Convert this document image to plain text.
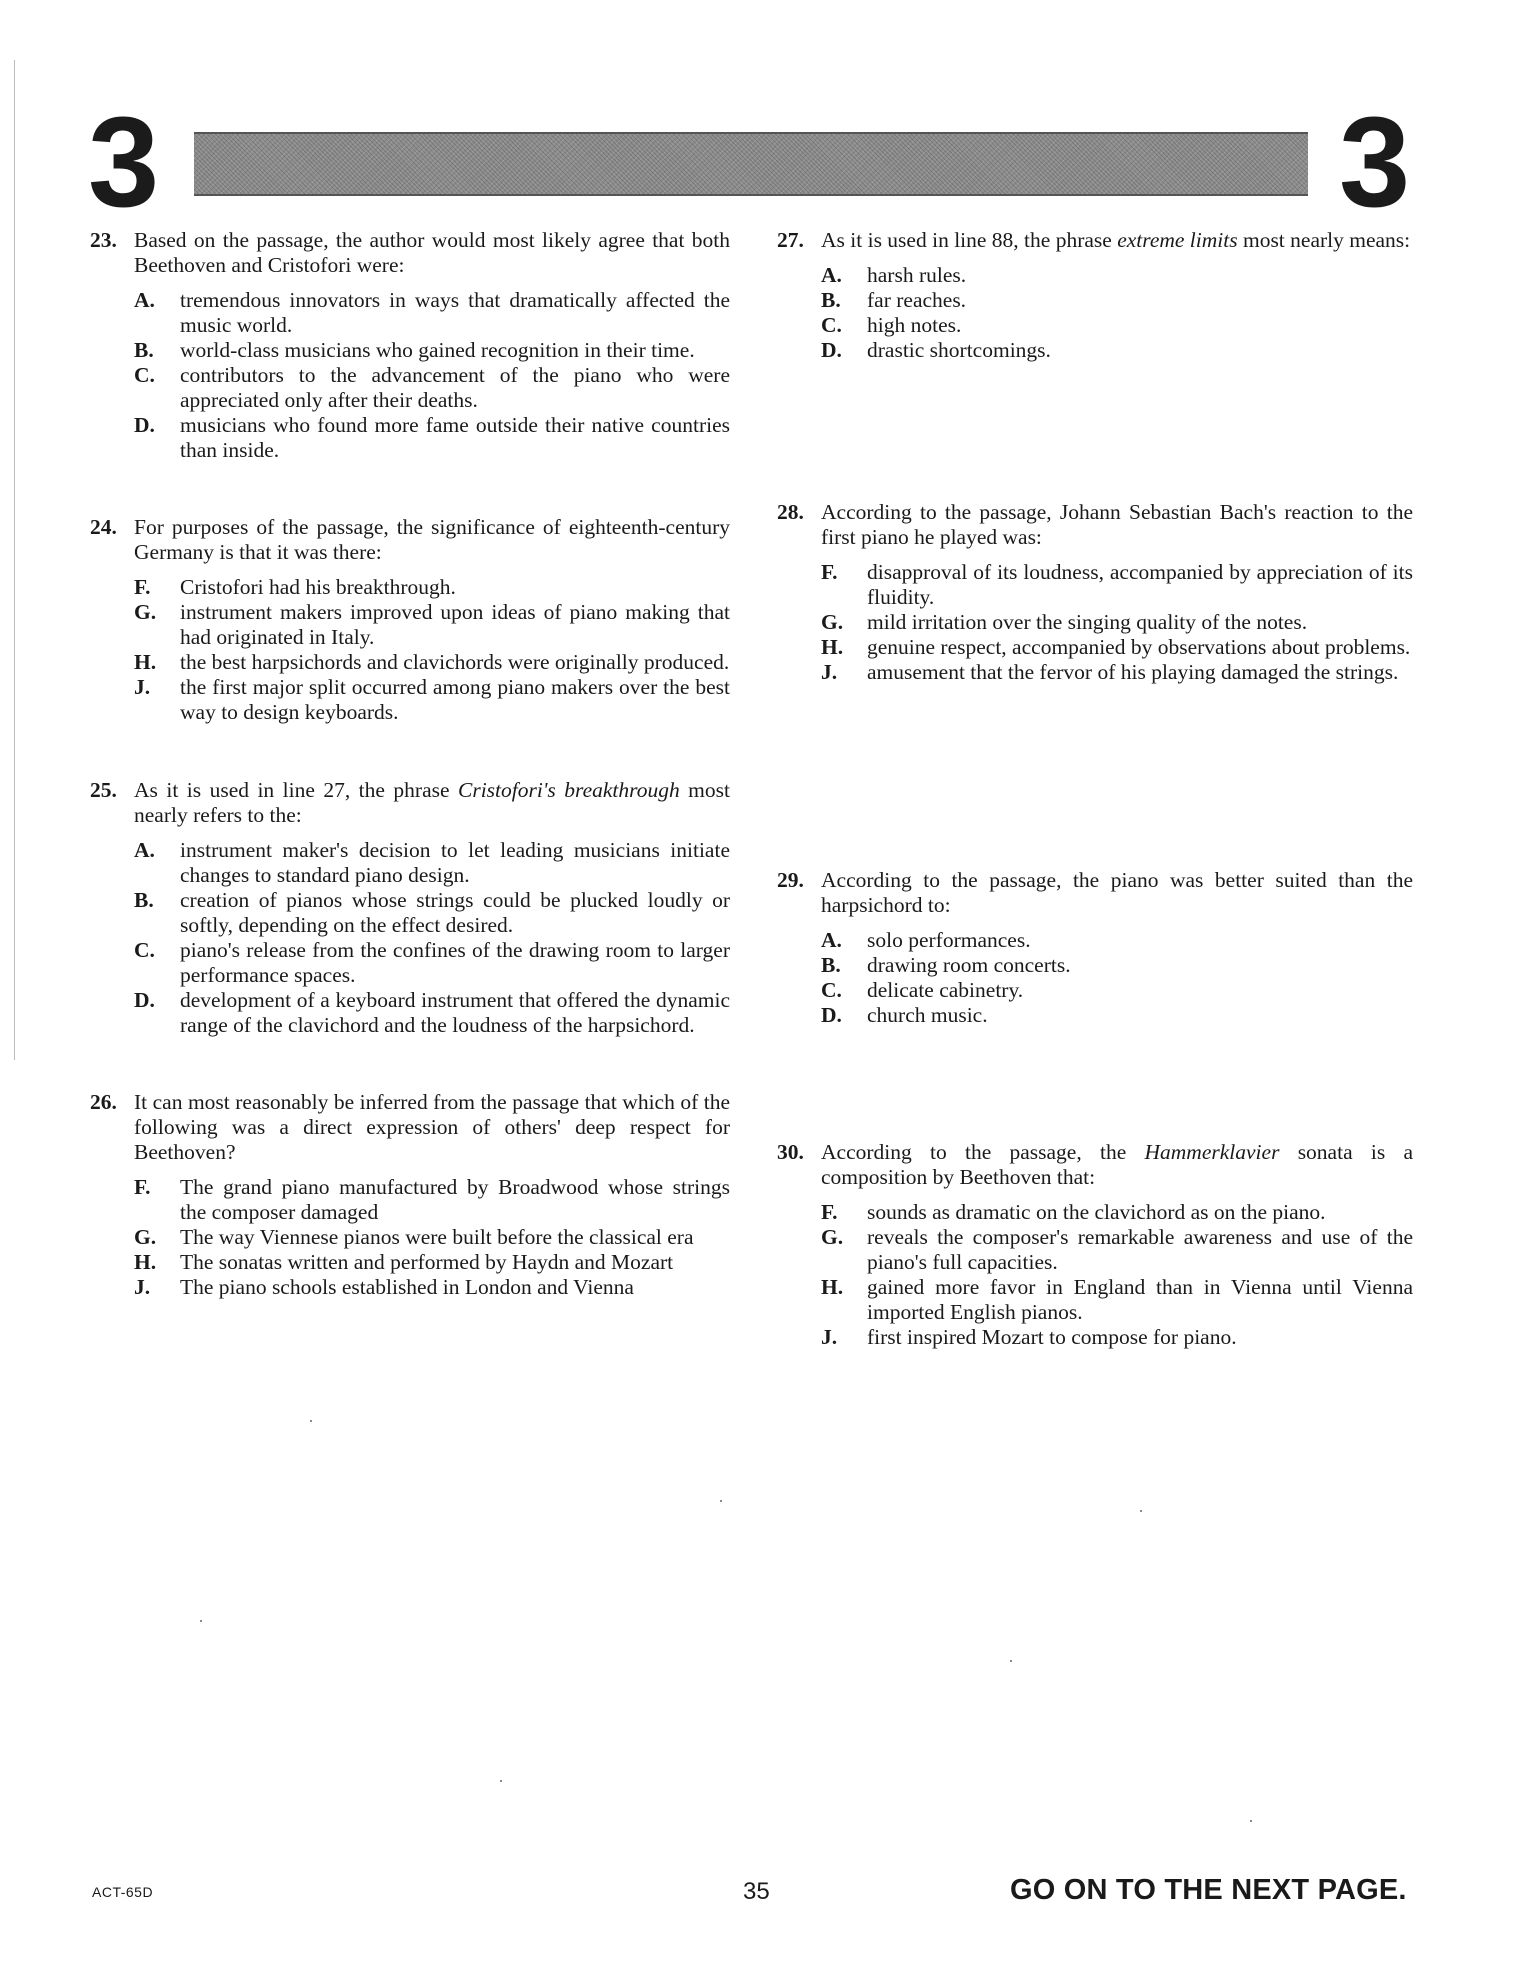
3	3
23. Based on the passage, the author would most likely agree that both Beethoven and Cristofori were:
A. tremendous innovators in ways that dramatically affected the music world.
B. world-class musicians who gained recognition in their time.
C. contributors to the advancement of the piano who were appreciated only after their deaths.
D. musicians who found more fame outside their native countries than inside.
24. For purposes of the passage, the significance of eighteenth-century Germany is that it was there:
F. Cristofori had his breakthrough.
G. instrument makers improved upon ideas of piano making that had originated in Italy.
H. the best harpsichords and clavichords were originally produced.
J. the first major split occurred among piano makers over the best way to design keyboards.
25. As it is used in line 27, the phrase Cristofori's breakthrough most nearly refers to the:
A. instrument maker's decision to let leading musicians initiate changes to standard piano design.
B. creation of pianos whose strings could be plucked loudly or softly, depending on the effect desired.
C. piano's release from the confines of the drawing room to larger performance spaces.
D. development of a keyboard instrument that offered the dynamic range of the clavichord and the loudness of the harpsichord.
26. It can most reasonably be inferred from the passage that which of the following was a direct expression of others' deep respect for Beethoven?
F. The grand piano manufactured by Broadwood whose strings the composer damaged
G. The way Viennese pianos were built before the classical era
H. The sonatas written and performed by Haydn and Mozart
J. The piano schools established in London and Vienna
27. As it is used in line 88, the phrase extreme limits most nearly means:
A. harsh rules.
B. far reaches.
C. high notes.
D. drastic shortcomings.
28. According to the passage, Johann Sebastian Bach's reaction to the first piano he played was:
F. disapproval of its loudness, accompanied by appreciation of its fluidity.
G. mild irritation over the singing quality of the notes.
H. genuine respect, accompanied by observations about problems.
J. amusement that the fervor of his playing damaged the strings.
29. According to the passage, the piano was better suited than the harpsichord to:
A. solo performances.
B. drawing room concerts.
C. delicate cabinetry.
D. church music.
30. According to the passage, the Hammerklavier sonata is a composition by Beethoven that:
F. sounds as dramatic on the clavichord as on the piano.
G. reveals the composer's remarkable awareness and use of the piano's full capacities.
H. gained more favor in England than in Vienna until Vienna imported English pianos.
J. first inspired Mozart to compose for piano.
ACT-65D	35	GO ON TO THE NEXT PAGE.
